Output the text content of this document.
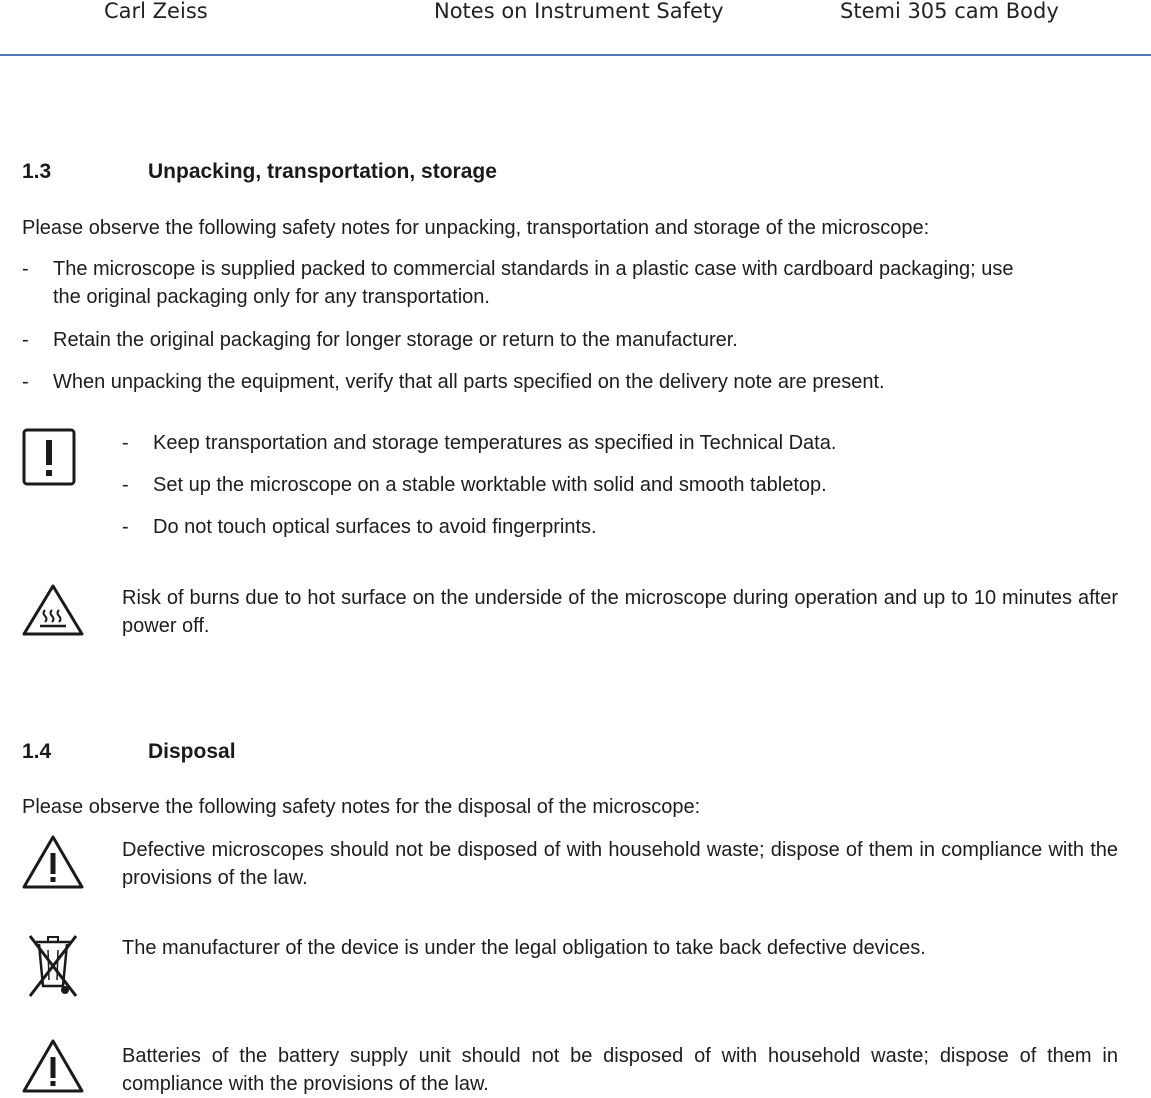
Carl Zeiss	Notes on Instrument Safety	Stemi 305 cam Body
1.3	Unpacking, transportation, storage
Please observe the following safety notes for unpacking, transportation and storage of the microscope:
- The microscope is supplied packed to commercial standards in a plastic case with cardboard packaging; use the original packaging only for any transportation.
- Retain the original packaging for longer storage or return to the manufacturer.
- When unpacking the equipment, verify that all parts specified on the delivery note are present.
- Keep transportation and storage temperatures as specified in Technical Data.
- Set up the microscope on a stable worktable with solid and smooth tabletop.
- Do not touch optical surfaces to avoid fingerprints.
Risk of burns due to hot surface on the underside of the microscope during operation and up to 10 minutes after power off.
1.4	Disposal
Please observe the following safety notes for the disposal of the microscope:
Defective microscopes should not be disposed of with household waste; dispose of them in compliance with the provisions of the law.
The manufacturer of the device is under the legal obligation to take back defective devices.
Batteries of the battery supply unit should not be disposed of with household waste; dispose of them in compliance with the provisions of the law.
